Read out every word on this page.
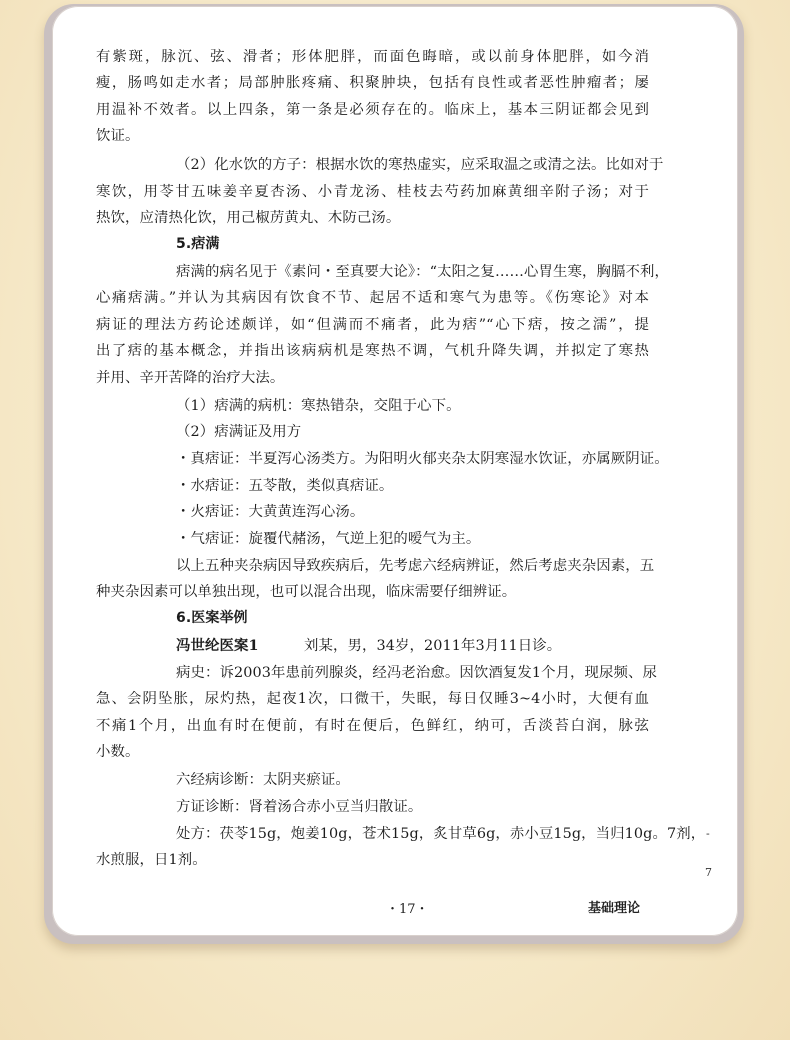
有紫斑，脉沉、弦、滑者；形体肥胖，而面色晦暗，或以前身体肥胖，如今消
瘦，肠鸣如走水者；局部肿胀疼痛、积聚肿块，包括有良性或者恶性肿瘤者；屡
用温补不效者。以上四条，第一条是必须存在的。临床上，基本三阴证都会见到
饮证。
（2）化水饮的方子：根据水饮的寒热虚实，应采取温之或清之法。比如对于
寒饮，用苓甘五味姜辛夏杏汤、小青龙汤、桂枝去芍药加麻黄细辛附子汤；对于
热饮，应清热化饮，用己椒苈黄丸、木防己汤。
5.痞满
痞满的病名见于《素问・至真要大论》：“太阳之复……心胃生寒，胸膈不利，
心痛痞满。”并认为其病因有饮食不节、起居不适和寒气为患等。《伤寒论》对本
病证的理法方药论述颇详，如“但满而不痛者，此为痞”“心下痞，按之濡”，提
出了痞的基本概念，并指出该病病机是寒热不调，气机升降失调，并拟定了寒热
并用、辛开苦降的治疗大法。
（1）痞满的病机：寒热错杂，交阻于心下。
（2）痞满证及用方
・真痞证：半夏泻心汤类方。为阳明火郁夹杂太阴寒湿水饮证，亦属厥阴证。
・水痞证：五苓散，类似真痞证。
・火痞证：大黄黄连泻心汤。
・气痞证：旋覆代赭汤，气逆上犯的嗳气为主。
以上五种夹杂病因导致疾病后，先考虑六经病辨证，然后考虑夹杂因素，五
种夹杂因素可以单独出现，也可以混合出现，临床需要仔细辨证。
6.医案举例
冯世纶医案1	刘某，男，34岁，2011年3月11日诊。
病史：诉2003年患前列腺炎，经冯老治愈。因饮酒复发1个月，现尿频、尿
急、会阴坠胀，尿灼热，起夜1次，口微干，失眠，每日仅睡3~4小时，大便有血
不痛1个月，出血有时在便前，有时在便后，色鲜红，纳可，舌淡苔白润，脉弦
小数。
六经病诊断：太阴夹瘀证。
方证诊断：肾着汤合赤小豆当归散证。
处方：茯苓15g，炮姜10g，苍术15g，炙甘草6g，赤小豆15g，当归10g。7剂，
水煎服，日1剂。
・17・	基础理论
-
7
